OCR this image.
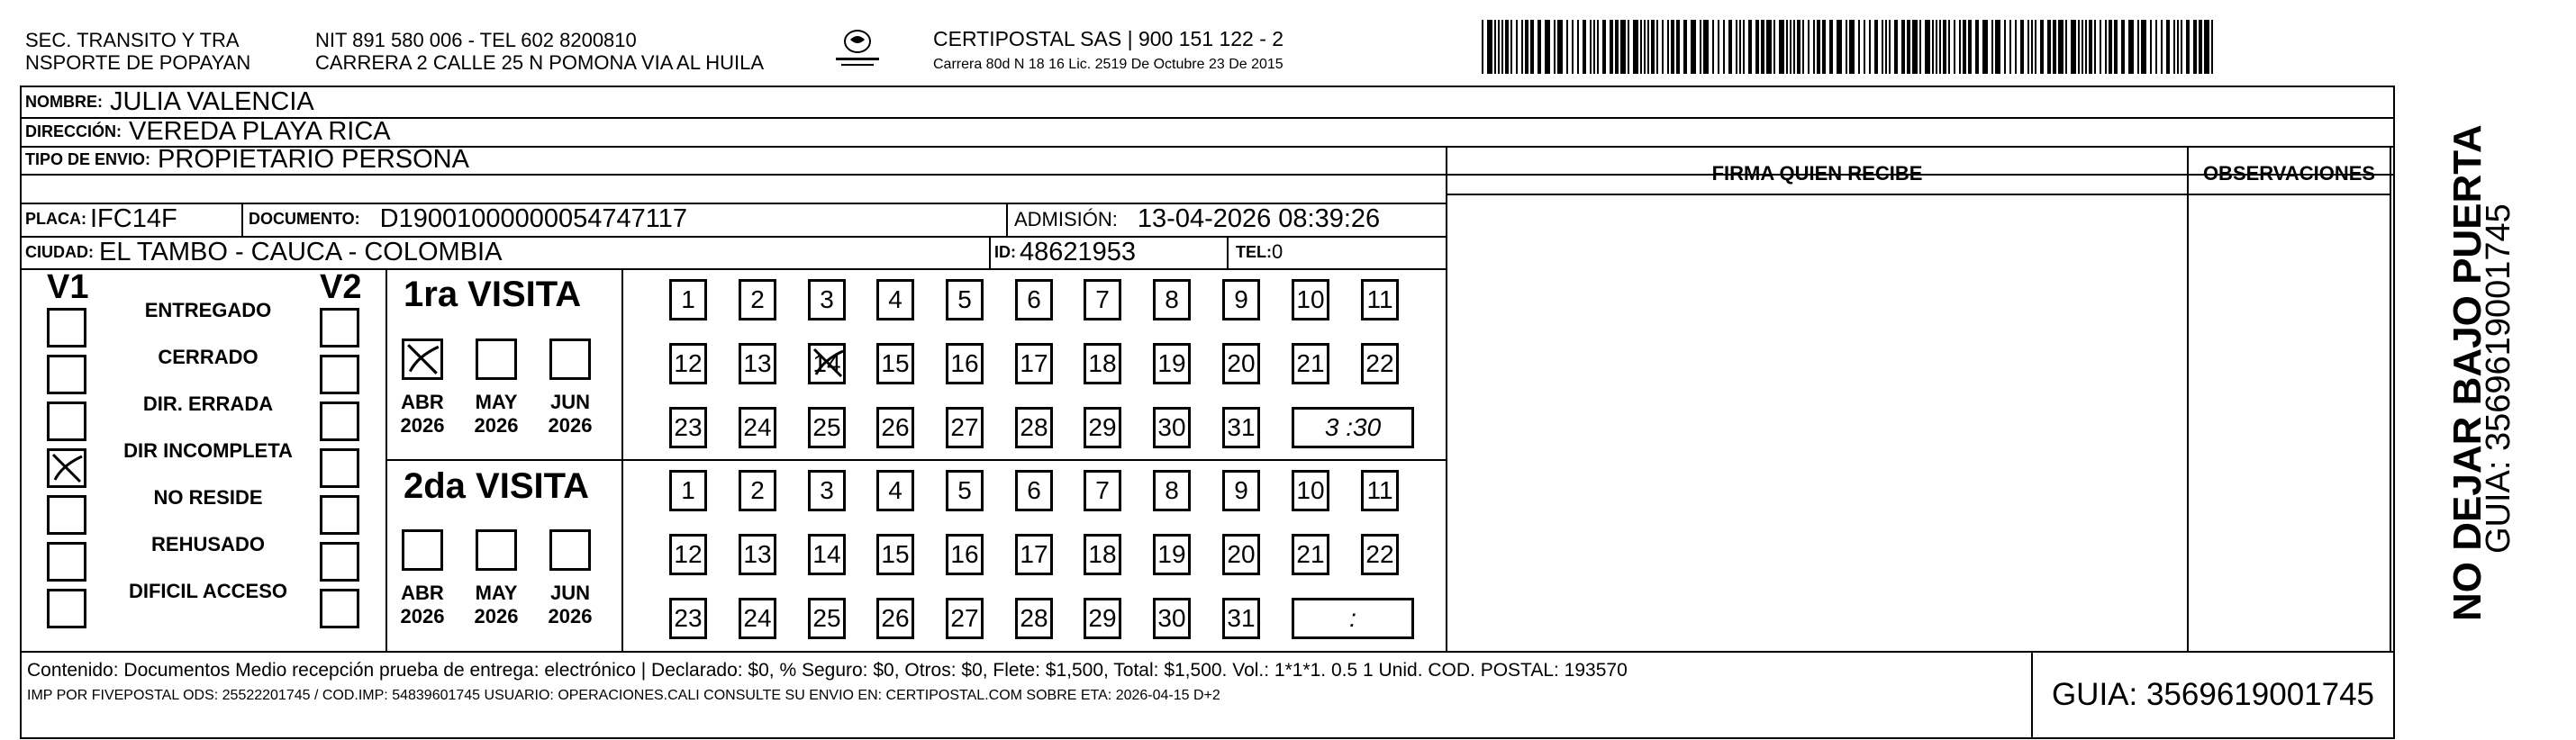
SEC. TRANSITO Y TRA
NSPORTE DE POPAYAN
NIT 891 580 006 - TEL 602 8200810
CARRERA 2 CALLE 25 N POMONA VIA AL HUILA
CERTIPOSTAL SAS | 900 151 122 - 2
Carrera 80d N 18 16 Lic. 2519 De Octubre 23 De 2015
NOMBRE: JULIA VALENCIA
DIRECCIÓN: VEREDA PLAYA RICA
TIPO DE ENVIO: PROPIETARIO PERSONA
PLACA: IFC14F	DOCUMENTO: D19001000000054747117	ADMISIÓN: 13-04-2026 08:39:26
CIUDAD: EL TAMBO - CAUCA - COLOMBIA	ID: 48621953	TEL: 0
FIRMA QUIEN RECIBE	OBSERVACIONES
V1	V2
ENTREGADO
CERRADO
DIR. ERRADA
DIR INCOMPLETA
NO RESIDE
REHUSADO
DIFICIL ACCESO
1ra VISITA
2da VISITA
ABR
2026
MAY
2026
JUN
2026
1 2 3 4 5 6 7 8 9 10 11
12 13 14 15 16 17 18 19 20 21 22
23 24 25 26 27 28 29 30 31	3 :30
ABR
2026
MAY
2026
JUN
2026
1 2 3 4 5 6 7 8 9 10 11
12 13 14 15 16 17 18 19 20 21 22
23 24 25 26 27 28 29 30 31	:
Contenido: Documentos Medio recepción prueba de entrega: electrónico | Declarado: $0, % Seguro: $0, Otros: $0, Flete: $1,500, Total: $1,500. Vol.: 1*1*1. 0.5 1 Unid. COD. POSTAL: 193570
IMP POR FIVEPOSTAL ODS: 25522201745 / COD.IMP: 54839601745 USUARIO: OPERACIONES.CALI CONSULTE SU ENVIO EN: CERTIPOSTAL.COM SOBRE ETA: 2026-04-15 D+2	GUIA: 3569619001745
NO DEJAR BAJO PUERTA
GUIA: 3569619001745
